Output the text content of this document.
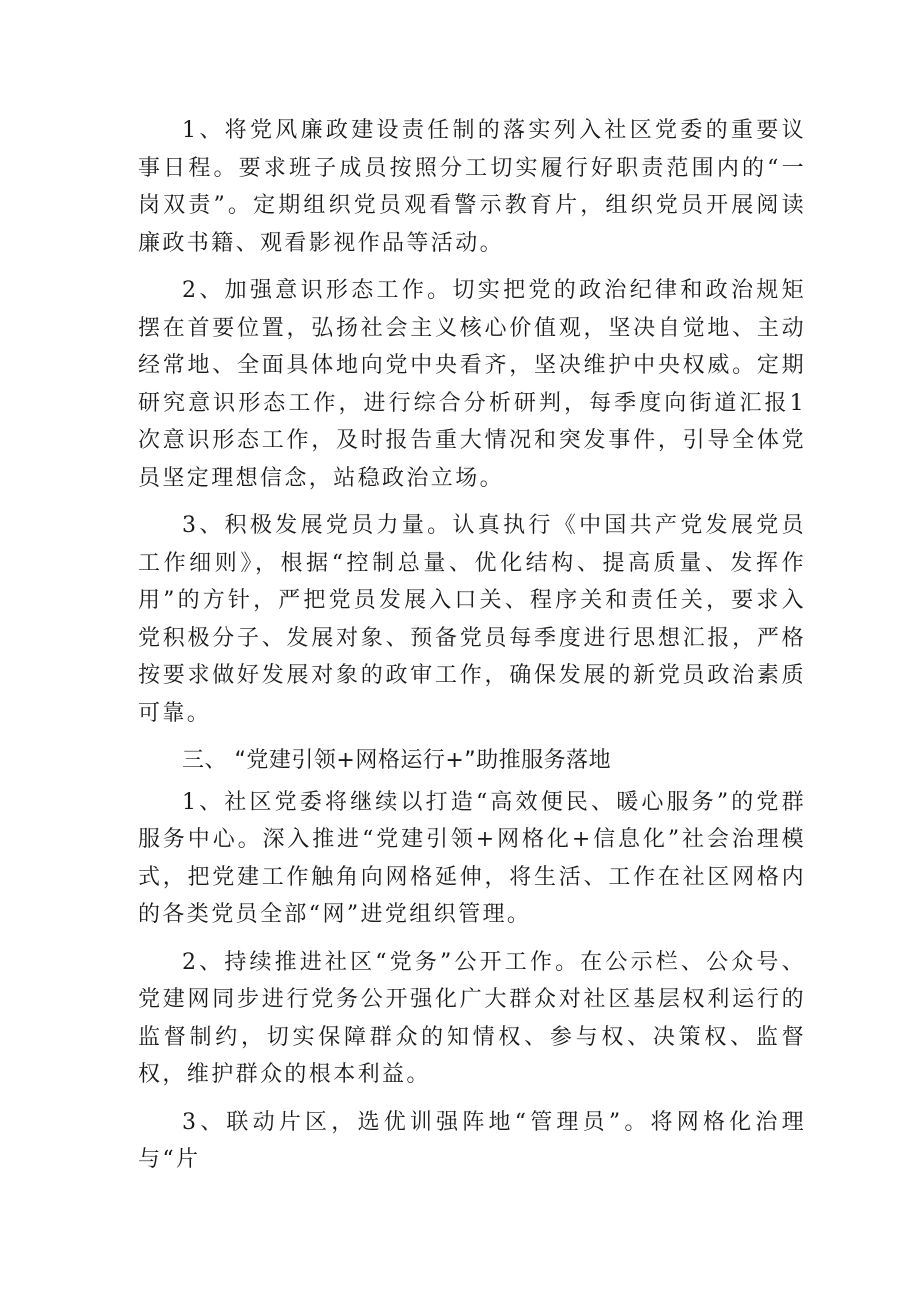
1、将党风廉政建设责任制的落实列入社区党委的重要议事日程。要求班子成员按照分工切实履行好职责范围内的“一岗双责”。定期组织党员观看警示教育片，组织党员开展阅读廉政书籍、观看影视作品等活动。

2、加强意识形态工作。切实把党的政治纪律和政治规矩摆在首要位置，弘扬社会主义核心价值观，坚决自觉地、主动经常地、全面具体地向党中央看齐，坚决维护中央权威。定期研究意识形态工作，进行综合分析研判，每季度向街道汇报1次意识形态工作，及时报告重大情况和突发事件，引导全体党员坚定理想信念，站稳政治立场。

3、积极发展党员力量。认真执行《中国共产党发展党员工作细则》，根据“控制总量、优化结构、提高质量、发挥作用”的方针，严把党员发展入口关、程序关和责任关，要求入党积极分子、发展对象、预备党员每季度进行思想汇报，严格按要求做好发展对象的政审工作，确保发展的新党员政治素质可靠。

三、 “党建引领+网格运行+”助推服务落地

1、社区党委将继续以打造“高效便民、暖心服务”的党群服务中心。深入推进“党建引领+网格化+信息化”社会治理模式，把党建工作触角向网格延伸，将生活、工作在社区网格内的各类党员全部“网”进党组织管理。

2、持续推进社区“党务”公开工作。在公示栏、公众号、党建网同步进行党务公开强化广大群众对社区基层权利运行的监督制约，切实保障群众的知情权、参与权、决策权、监督权，维护群众的根本利益。

3、联动片区，选优训强阵地“管理员”。将网格化治理与“片
